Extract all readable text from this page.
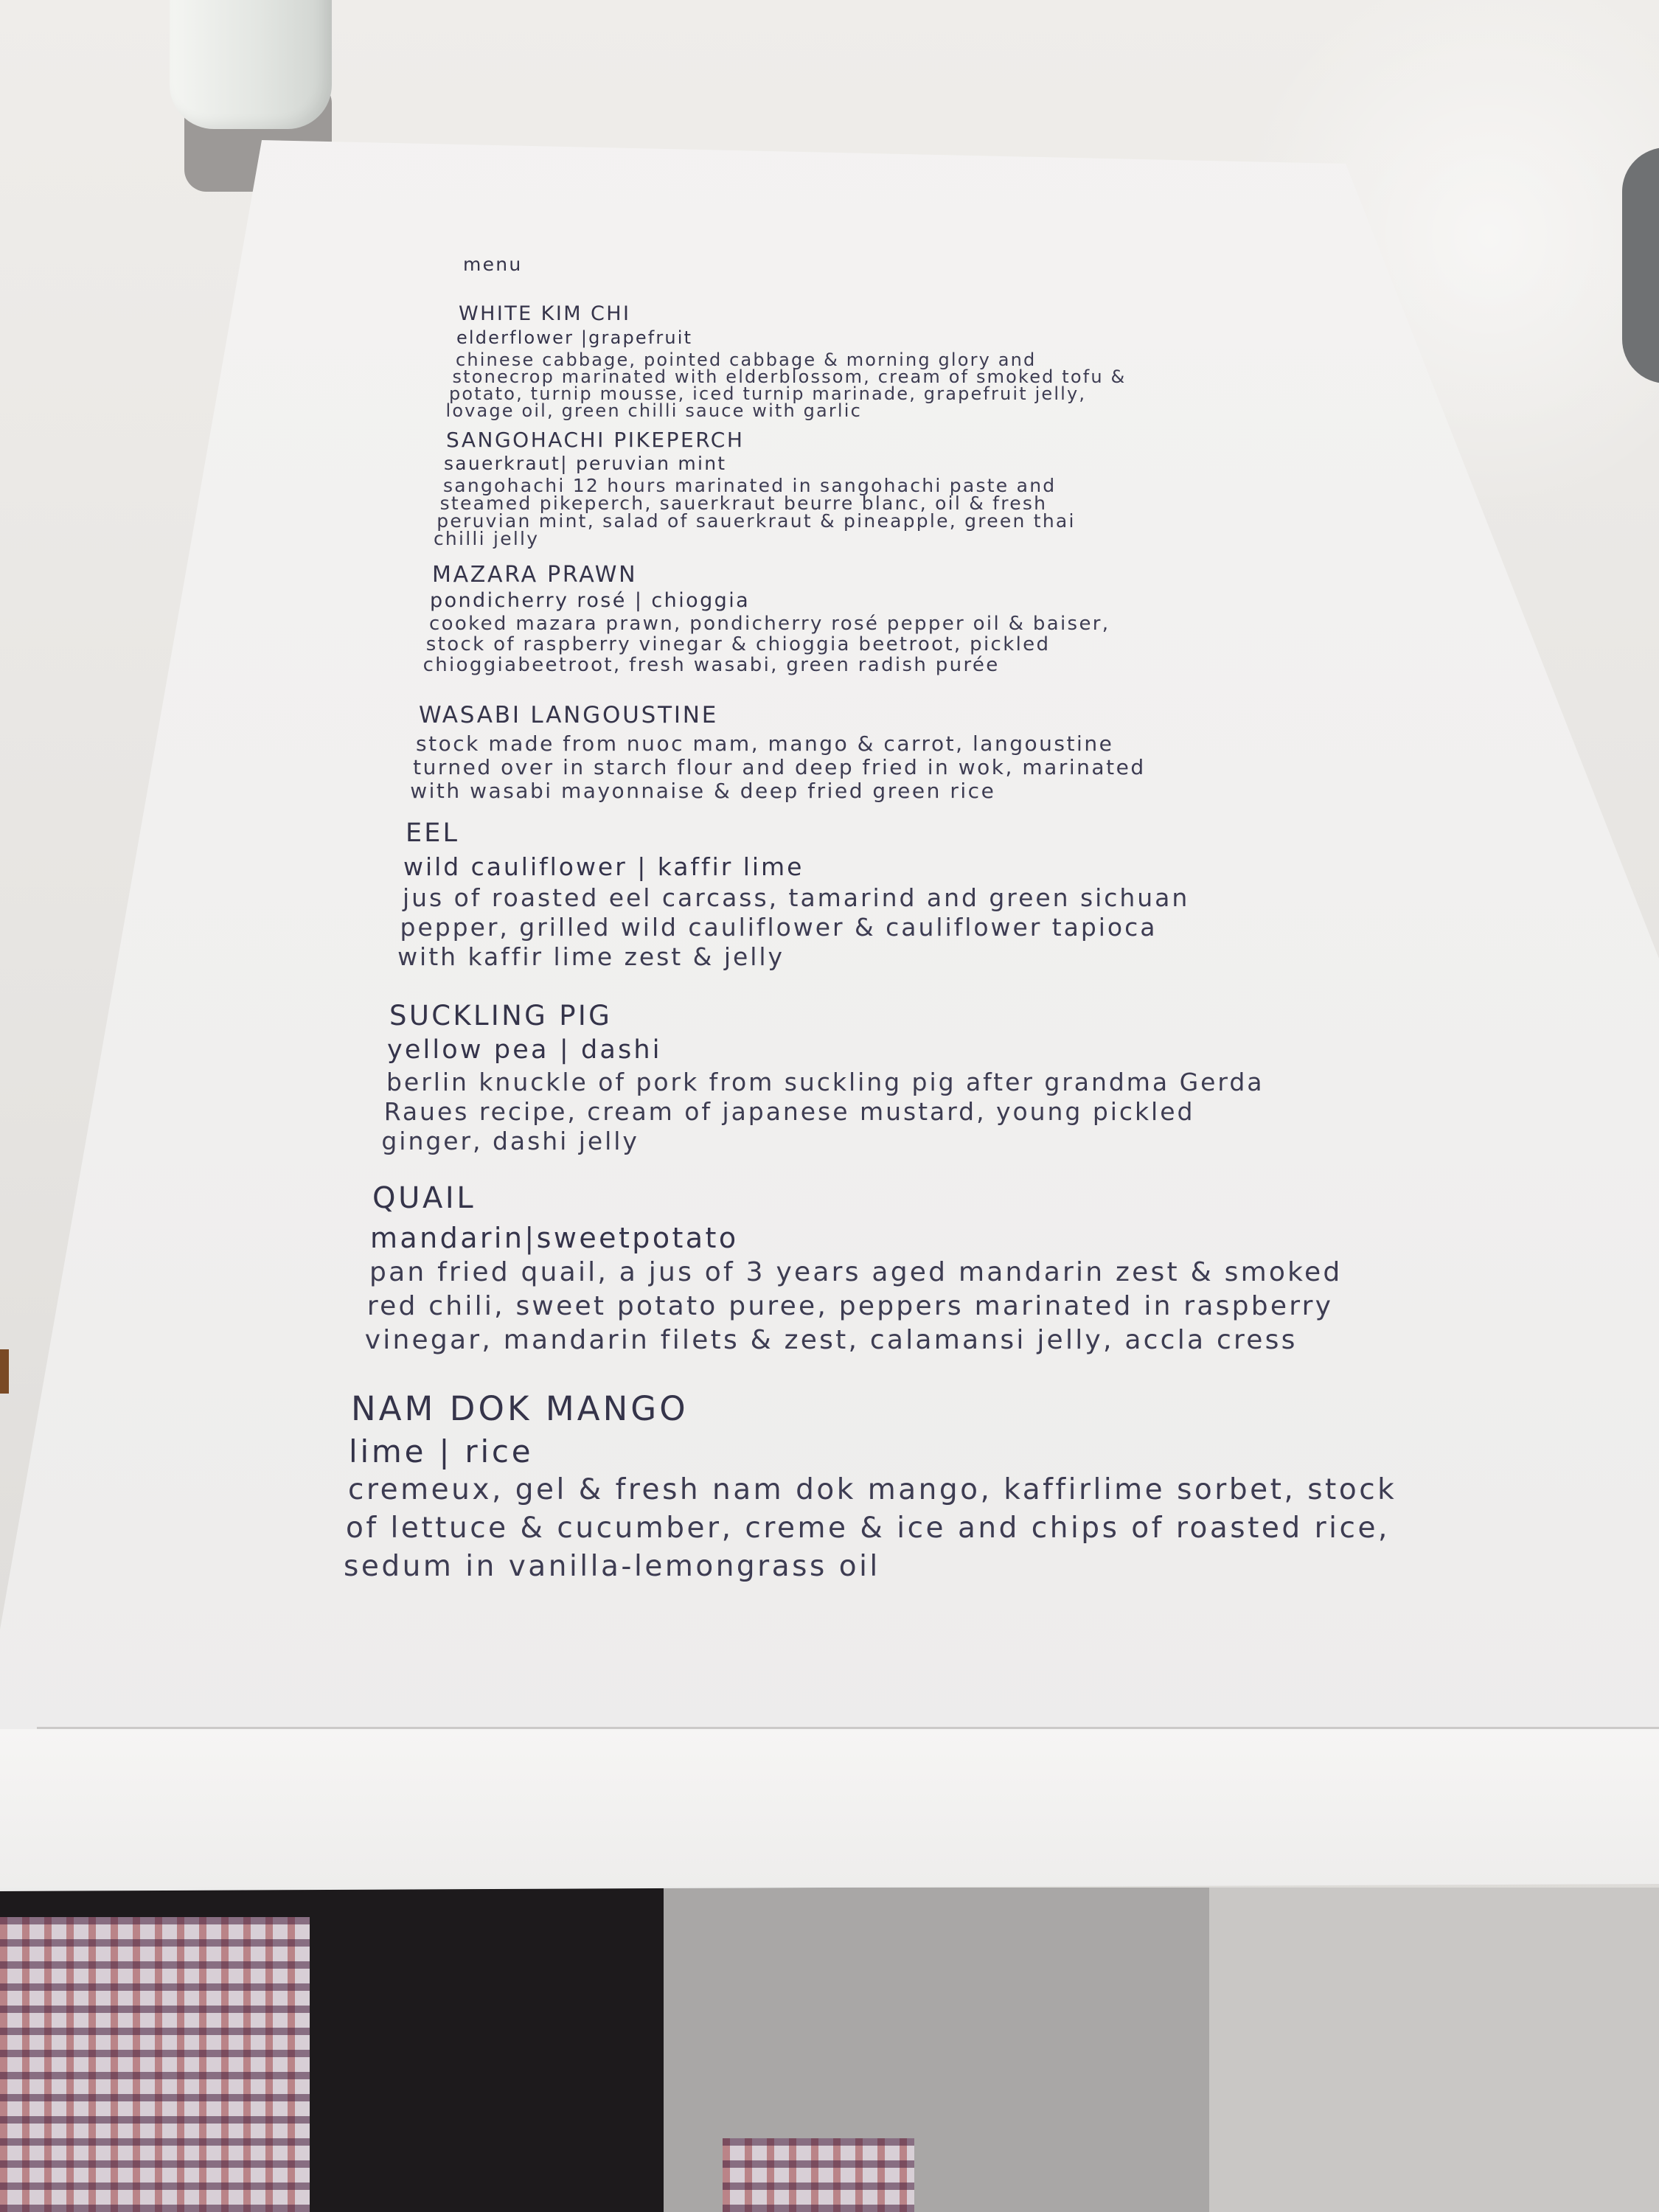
menu
WHITE KIM CHI
elderflower |grapefruit
chinese cabbage, pointed cabbage & morning glory and
stonecrop marinated with elderblossom, cream of smoked tofu &
potato, turnip mousse, iced turnip marinade, grapefruit jelly,
lovage oil, green chilli sauce with garlic
SANGOHACHI PIKEPERCH
sauerkraut| peruvian mint
sangohachi 12 hours marinated in sangohachi paste and
steamed pikeperch, sauerkraut beurre blanc, oil & fresh
peruvian mint, salad of sauerkraut & pineapple, green thai
chilli jelly
MAZARA PRAWN
pondicherry rosé | chioggia
cooked mazara prawn, pondicherry rosé pepper oil & baiser,
stock of raspberry vinegar & chioggia beetroot, pickled
chioggiabeetroot, fresh wasabi, green radish purée
WASABI LANGOUSTINE
stock made from nuoc mam, mango & carrot, langoustine
turned over in starch flour and deep fried in wok, marinated
with wasabi mayonnaise & deep fried green rice
EEL
wild cauliflower | kaffir lime
jus of roasted eel carcass, tamarind and green sichuan
pepper, grilled wild cauliflower & cauliflower tapioca
with kaffir lime zest & jelly
SUCKLING PIG
yellow pea | dashi
berlin knuckle of pork from suckling pig after grandma Gerda
Raues recipe, cream of japanese mustard, young pickled
ginger, dashi jelly
QUAIL
mandarin|sweetpotato
pan fried quail, a jus of 3 years aged mandarin zest & smoked
red chili, sweet potato puree, peppers marinated in raspberry
vinegar, mandarin filets & zest, calamansi jelly, accla cress
NAM DOK MANGO
lime | rice
cremeux, gel & fresh nam dok mango, kaffirlime sorbet, stock
of lettuce & cucumber, creme & ice and chips of roasted rice,
sedum in vanilla-lemongrass oil
